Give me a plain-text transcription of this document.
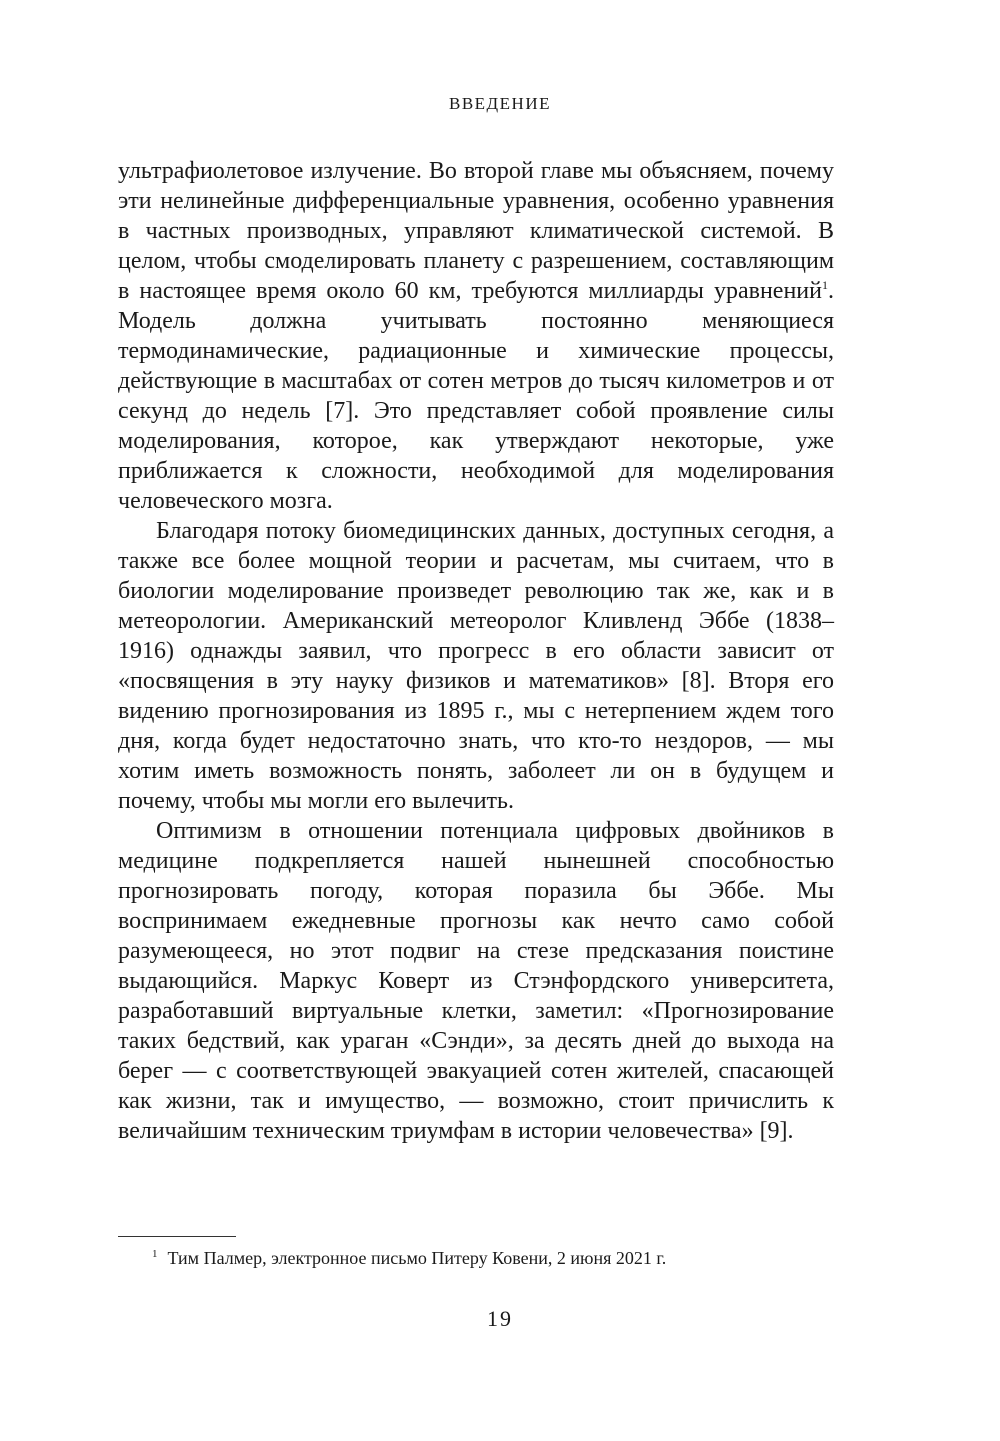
ВВЕДЕНИЕ

ультрафиолетовое излучение. Во второй главе мы объясняем, почему эти нелинейные дифференциальные уравнения, особенно уравнения в частных производных, управляют климатической системой. В целом, чтобы смоделировать планету с разрешением, составляющим в настоящее время около 60 км, требуются миллиарды уравнений$^1$. Модель должна учитывать постоянно меняющиеся термодинамические, радиационные и химические процессы, действующие в масштабах от сотен метров до тысяч километров и от секунд до недель [7]. Это представляет собой проявление силы моделирования, которое, как утверждают некоторые, уже приближается к сложности, необходимой для моделирования человеческого мозга.

Благодаря потоку биомедицинских данных, доступных сегодня, а также все более мощной теории и расчетам, мы считаем, что в биологии моделирование произведет революцию так же, как и в метеорологии. Американский метеоролог Кливленд Эббе (1838–1916) однажды заявил, что прогресс в его области зависит от «посвящения в эту науку физиков и математиков» [8]. Вторя его видению прогнозирования из 1895 г., мы с нетерпением ждем того дня, когда будет недостаточно знать, что кто-то нездоров, — мы хотим иметь возможность понять, заболеет ли он в будущем и почему, чтобы мы могли его вылечить.

Оптимизм в отношении потенциала цифровых двойников в медицине подкрепляется нашей нынешней способностью прогнозировать погоду, которая поразила бы Эббе. Мы воспринимаем ежедневные прогнозы как нечто само собой разумеющееся, но этот подвиг на стезе предсказания поистине выдающийся. Маркус Коверт из Стэнфордского университета, разработавший виртуальные клетки, заметил: «Прогнозирование таких бедствий, как ураган «Сэнди», за десять дней до выхода на берег — с соответствующей эвакуацией сотен жителей, спасающей как жизни, так и имущество, — возможно, стоит причислить к величайшим техническим триумфам в истории человечества» [9].

$^1$ Тим Палмер, электронное письмо Питеру Ковени, 2 июня 2021 г.
19
